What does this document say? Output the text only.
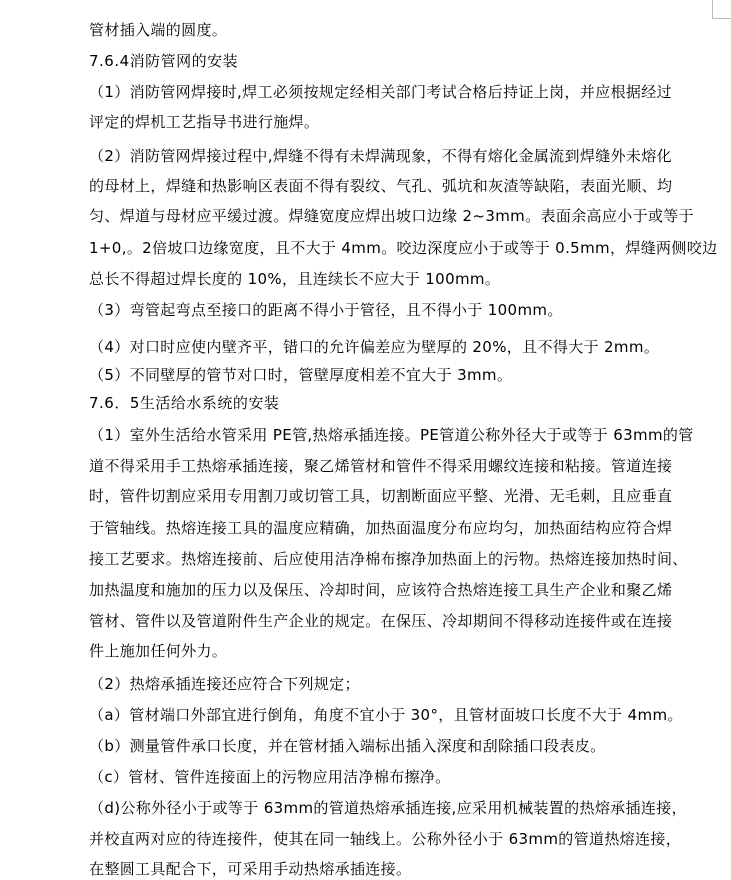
管材插入端的圆度。
7.6.4消防管网的安装
（1）消防管网焊接时,焊工必须按规定经相关部门考试合格后持证上岗，并应根据经过
评定的焊机工艺指导书进行施焊。
（2）消防管网焊接过程中,焊缝不得有未焊满现象，不得有熔化金属流到焊缝外未熔化
的母材上，焊缝和热影响区表面不得有裂纹、气孔、弧坑和灰渣等缺陷，表面光顺、均
匀、焊道与母材应平缓过渡。焊缝宽度应焊出坡口边缘 2~3mm。表面余高应小于或等于
1+0,。2倍坡口边缘宽度，且不大于 4mm。咬边深度应小于或等于 0.5mm，焊缝两侧咬边
总长不得超过焊长度的 10%，且连续长不应大于 100mm。
（3）弯管起弯点至接口的距离不得小于管径，且不得小于 100mm。
（4）对口时应使内壁齐平，错口的允许偏差应为壁厚的 20%，且不得大于 2mm。
（5）不同壁厚的管节对口时，管壁厚度相差不宜大于 3mm。
7.6．5生活给水系统的安装
（1）室外生活给水管采用 PE管,热熔承插连接。PE管道公称外径大于或等于 63mm的管
道不得采用手工热熔承插连接，聚乙烯管材和管件不得采用螺纹连接和粘接。管道连接
时，管件切割应采用专用割刀或切管工具，切割断面应平整、光滑、无毛刺，且应垂直
于管轴线。热熔连接工具的温度应精确，加热面温度分布应均匀，加热面结构应符合焊
接工艺要求。热熔连接前、后应使用洁净棉布擦净加热面上的污物。热熔连接加热时间、
加热温度和施加的压力以及保压、冷却时间，应该符合热熔连接工具生产企业和聚乙烯
管材、管件以及管道附件生产企业的规定。在保压、冷却期间不得移动连接件或在连接
件上施加任何外力。
（2）热熔承插连接还应符合下列规定；
（a）管材端口外部宜进行倒角，角度不宜小于 30°，且管材面坡口长度不大于 4mm。
（b）测量管件承口长度，并在管材插入端标出插入深度和刮除插口段表皮。
（c）管材、管件连接面上的污物应用洁净棉布擦净。
（d)公称外径小于或等于 63mm的管道热熔承插连接,应采用机械装置的热熔承插连接，
并校直两对应的待连接件，使其在同一轴线上。公称外径小于 63mm的管道热熔连接，
在整圆工具配合下，可采用手动热熔承插连接。
